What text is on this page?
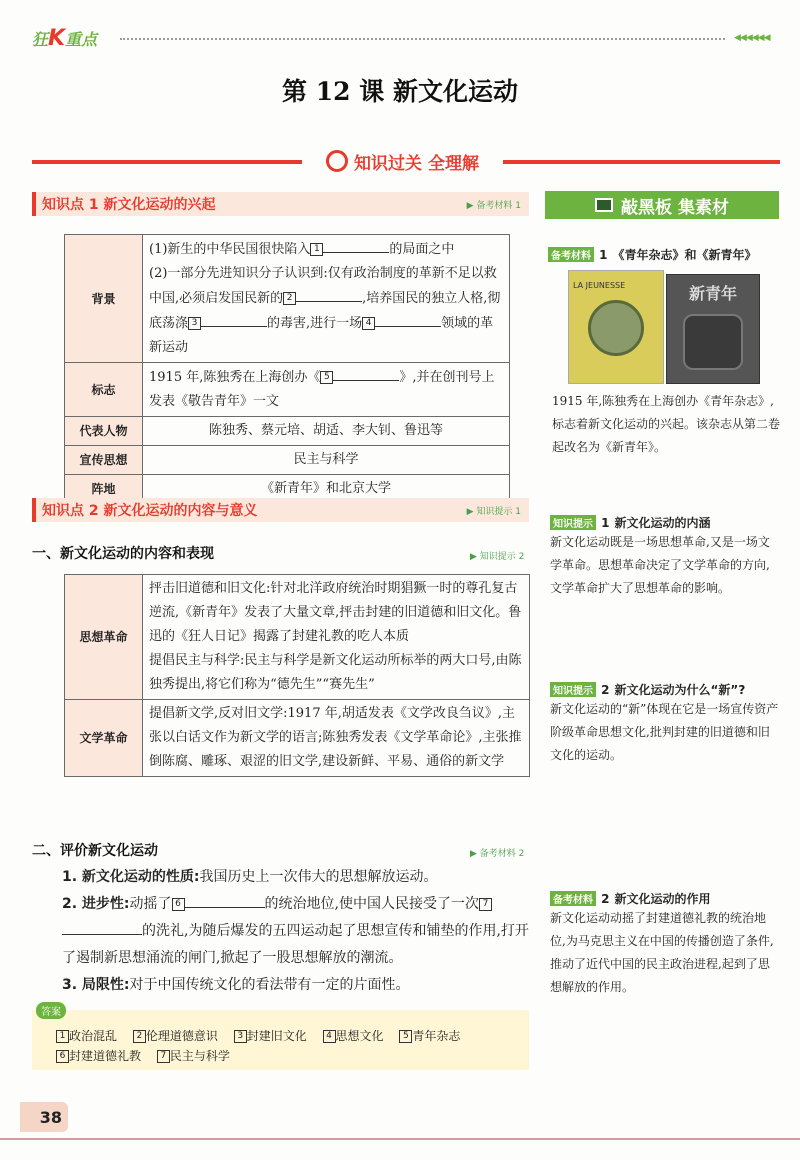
狂K重点	◀◀◀◀◀◀
第 12 课 新文化运动
知识过关 全理解
知识点 1 新文化运动的兴起	▶ 备考材料 1
背景	(1)新生的中华民国很快陷入 1 的局面之中
(2)一部分先进知识分子认识到:仅有政治制度的革新不足以救中国,必须启发国民新的 2 ,培养国民的独立人格,彻底荡涤 3 的毒害,进行一场 4 领域的革新运动
标志	1915 年,陈独秀在上海创办《 5 》,并在创刊号上发表《敬告青年》一文
代表人物	陈独秀、蔡元培、胡适、李大钊、鲁迅等
宣传思想	民主与科学
阵地	《新青年》和北京大学
知识点 2 新文化运动的内容与意义	▶ 知识提示 1
一、新文化运动的内容和表现	▶ 知识提示 2
思想革命	抨击旧道德和旧文化:针对北洋政府统治时期猖獗一时的尊孔复古逆流,《新青年》发表了大量文章,抨击封建的旧道德和旧文化。鲁迅的《狂人日记》揭露了封建礼教的吃人本质
提倡民主与科学:民主与科学是新文化运动所标举的两大口号,由陈独秀提出,将它们称为“德先生”“赛先生”
文学革命	提倡新文学,反对旧文学:1917 年,胡适发表《文学改良刍议》,主张以白话文作为新文学的语言;陈独秀发表《文学革命论》,主张推倒陈腐、雕琢、艰涩的旧文学,建设新鲜、平易、通俗的新文学
二、评价新文化运动	▶ 备考材料 2
1. 新文化运动的性质:我国历史上一次伟大的思想解放运动。
2. 进步性:动摇了 6	的统治地位,使中国人民接受了一次 7的洗礼,为随后爆发的五四运动起了思想宣传和铺垫的作用,打开了遏制新思想涌流的闸门,掀起了一股思想解放的潮流。
3. 局限性:对于中国传统文化的看法带有一定的片面性。
答案
1 政治混乱 2 伦理道德意识 3 封建旧文化 4 思想文化 5 青年杂志
6 封建道德礼教 7 民主与科学
敲黑板 集素材
备考材料 1 《青年杂志》和《新青年》
LA JEUNESSE	新青年
1915 年,陈独秀在上海创办《青年杂志》,标志着新文化运动的兴起。该杂志从第二卷起改名为《新青年》。
知识提示 1 新文化运动的内涵
新文化运动既是一场思想革命,又是一场文学革命。思想革命决定了文学革命的方向,文学革命扩大了思想革命的影响。
知识提示 2 新文化运动为什么“新”?
新文化运动的“新”体现在它是一场宣传资产阶级革命思想文化,批判封建的旧道德和旧文化的运动。
备考材料 2 新文化运动的作用
新文化运动动摇了封建道德礼教的统治地位,为马克思主义在中国的传播创造了条件,推动了近代中国的民主政治进程,起到了思想解放的作用。
38
